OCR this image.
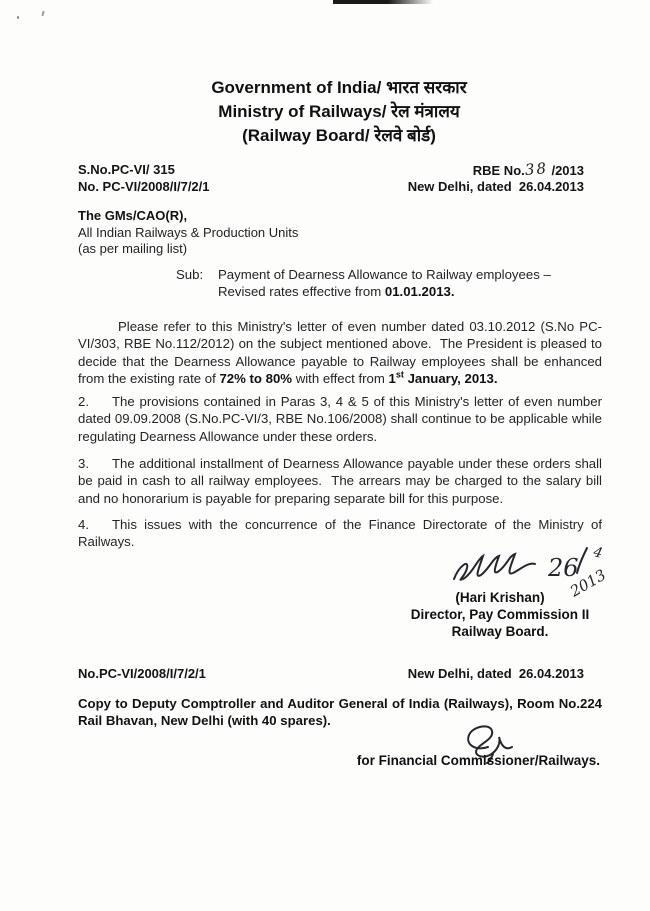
Government of India/ भारत सरकार
Ministry of Railways/ रेल मंत्रालय
(Railway Board/ रेलवे बोर्ड)
S.No.PC-VI/ 315	RBE No.38 /2013
No. PC-VI/2008/I/7/2/1	New Delhi, dated  26.04.2013
The GMs/CAO(R),
All Indian Railways & Production Units
(as per mailing list)
Sub:	Payment of Dearness Allowance to Railway employees – Revised rates effective from 01.01.2013.
Please refer to this Ministry's letter of even number dated 03.10.2012 (S.No PC-VI/303, RBE No.112/2012) on the subject mentioned above.  The President is pleased to decide that the Dearness Allowance payable to Railway employees shall be enhanced from the existing rate of 72% to 80% with effect from 1st January, 2013.
2. The provisions contained in Paras 3, 4 & 5 of this Ministry's letter of even number dated 09.09.2008 (S.No.PC-VI/3, RBE No.106/2008) shall continue to be applicable while regulating Dearness Allowance under these orders.
3. The additional installment of Dearness Allowance payable under these orders shall be paid in cash to all railway employees.  The arrears may be charged to the salary bill and no honorarium is payable for preparing separate bill for this purpose.
4. This issues with the concurrence of the Finance Directorate of the Ministry of Railways.
26
4
2013
(Hari Krishan)
Director, Pay Commission II
Railway Board.
No.PC-VI/2008/I/7/2/1	New Delhi, dated  26.04.2013
Copy to Deputy Comptroller and Auditor General of India (Railways), Room No.224 Rail Bhavan, New Delhi (with 40 spares).
for Financial Commissioner/Railways.
